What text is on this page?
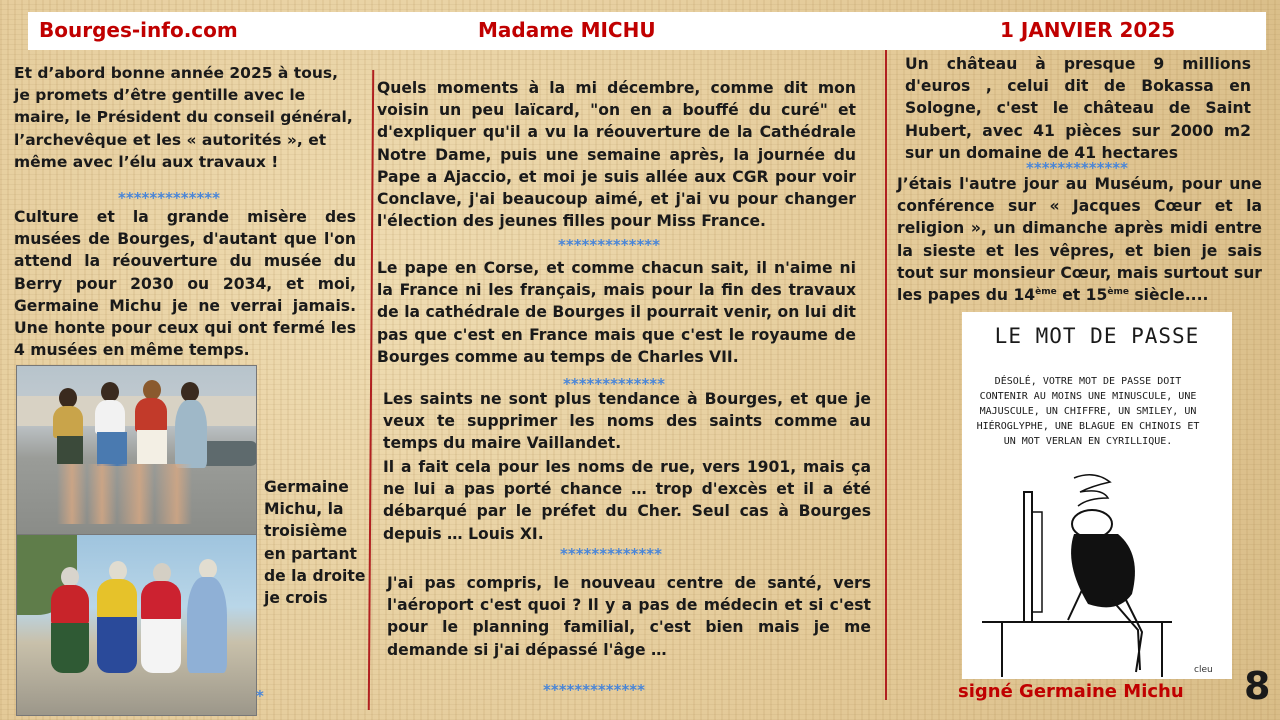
Bourges-info.com	Madame MICHU	1 JANVIER 2025
Et d’abord bonne année 2025 à tous, je promets d’être gentille avec le maire, le Président du conseil général, l’archevêque et les « autorités », et même avec l’élu aux travaux !
*************
Culture et la grande misère des musées de Bourges, d'autant que l'on attend la réouverture du musée du Berry pour 2030 ou 2034, et moi, Germaine Michu je ne verrai jamais. Une honte pour ceux qui ont fermé les 4 musées en même temps.
Germaine Michu, la troisième en partant de la droite je crois
*
Quels moments à la mi décembre, comme dit mon voisin un peu laïcard, "on en a bouffé du curé" et d'expliquer qu'il a vu la réouverture de la Cathédrale Notre Dame, puis une semaine après, la journée du Pape a Ajaccio, et moi je suis allée aux CGR pour voir Conclave, j'ai beaucoup aimé, et j'ai vu pour changer l'élection des jeunes filles pour Miss France.
*************
Le pape en Corse, et comme chacun sait, il n'aime ni la France ni les français, mais pour la fin des travaux de la cathédrale de Bourges il pourrait venir, on lui dit pas que c'est en France mais que c'est le royaume de Bourges comme au temps de Charles VII.
*************
Les saints ne sont plus tendance à Bourges, et que je veux te supprimer les noms des saints comme au temps du maire Vaillandet.
Il a fait cela pour les noms de rue, vers 1901, mais ça ne lui a pas porté chance … trop d'excès et il a été débarqué par le préfet du Cher. Seul cas à Bourges depuis … Louis XI.
*************
J'ai pas compris, le nouveau centre de santé, vers l'aéroport c'est quoi ? Il y a pas de médecin et si c'est pour le planning familial, c'est bien mais je me demande si j'ai dépassé l'âge …
*************
Un château à presque 9 millions d'euros , celui dit de Bokassa en Sologne, c'est le château de Saint Hubert, avec 41 pièces sur 2000 m2 sur un domaine de 41 hectares
*************
J’étais l'autre jour au Muséum, pour une conférence sur « Jacques Cœur et la religion », un dimanche après midi entre la sieste et les vêpres, et bien je sais tout sur monsieur Cœur, mais surtout sur les papes du 14ème et 15ème siècle....
LE MOT DE PASSE
DÉSOLÉ, VOTRE MOT DE PASSE DOIT CONTENIR AU MOINS UNE MINUSCULE, UNE MAJUSCULE, UN CHIFFRE, UN SMILEY, UN HIÉROGLYPHE, UNE BLAGUE EN CHINOIS ET UN MOT VERLAN EN CYRILLIQUE.
cleu
signé Germaine Michu 8
